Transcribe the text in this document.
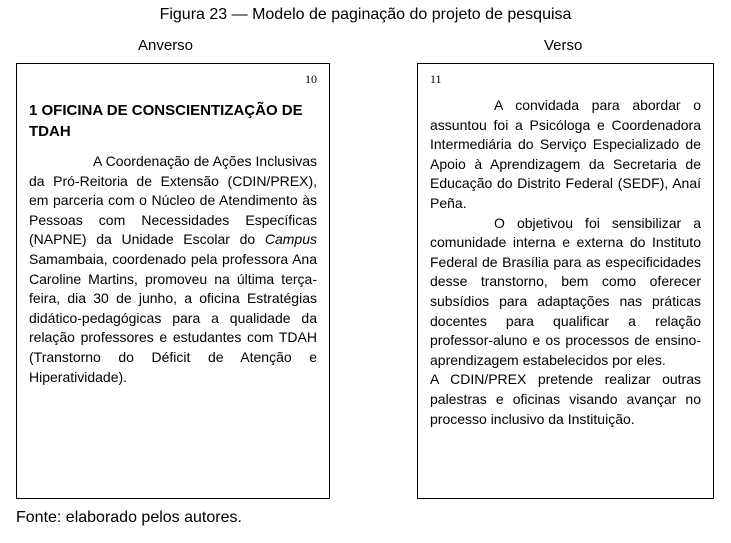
Figura 23 — Modelo de paginação do projeto de pesquisa
Anverso	Verso
10
1 OFICINA DE CONSCIENTIZAÇÃO DE TDAH

A Coordenação de Ações Inclusivas da Pró-Reitoria de Extensão (CDIN/PREX), em parceria com o Núcleo de Atendimento às Pessoas com Necessidades Específicas (NAPNE) da Unidade Escolar do Campus Samambaia, coordenado pela professora Ana Caroline Martins, promoveu na última terça-feira, dia 30 de junho, a oficina Estratégias didático-pedagógicas para a qualidade da relação professores e estudantes com TDAH (Transtorno do Déficit de Atenção e Hiperatividade).

11

A convidada para abordar o assuntou foi a Psicóloga e Coordenadora Intermediária do Serviço Especializado de Apoio à Aprendizagem da Secretaria de Educação do Distrito Federal (SEDF), Anaí Peña.

O objetivou foi sensibilizar a comunidade interna e externa do Instituto Federal de Brasília para as especificidades desse transtorno, bem como oferecer subsídios para adaptações nas práticas docentes para qualificar a relação professor-aluno e os processos de ensino-aprendizagem estabelecidos por eles.

A CDIN/PREX pretende realizar outras palestras e oficinas visando avançar no processo inclusivo da Instituição.

Fonte: elaborado pelos autores.
